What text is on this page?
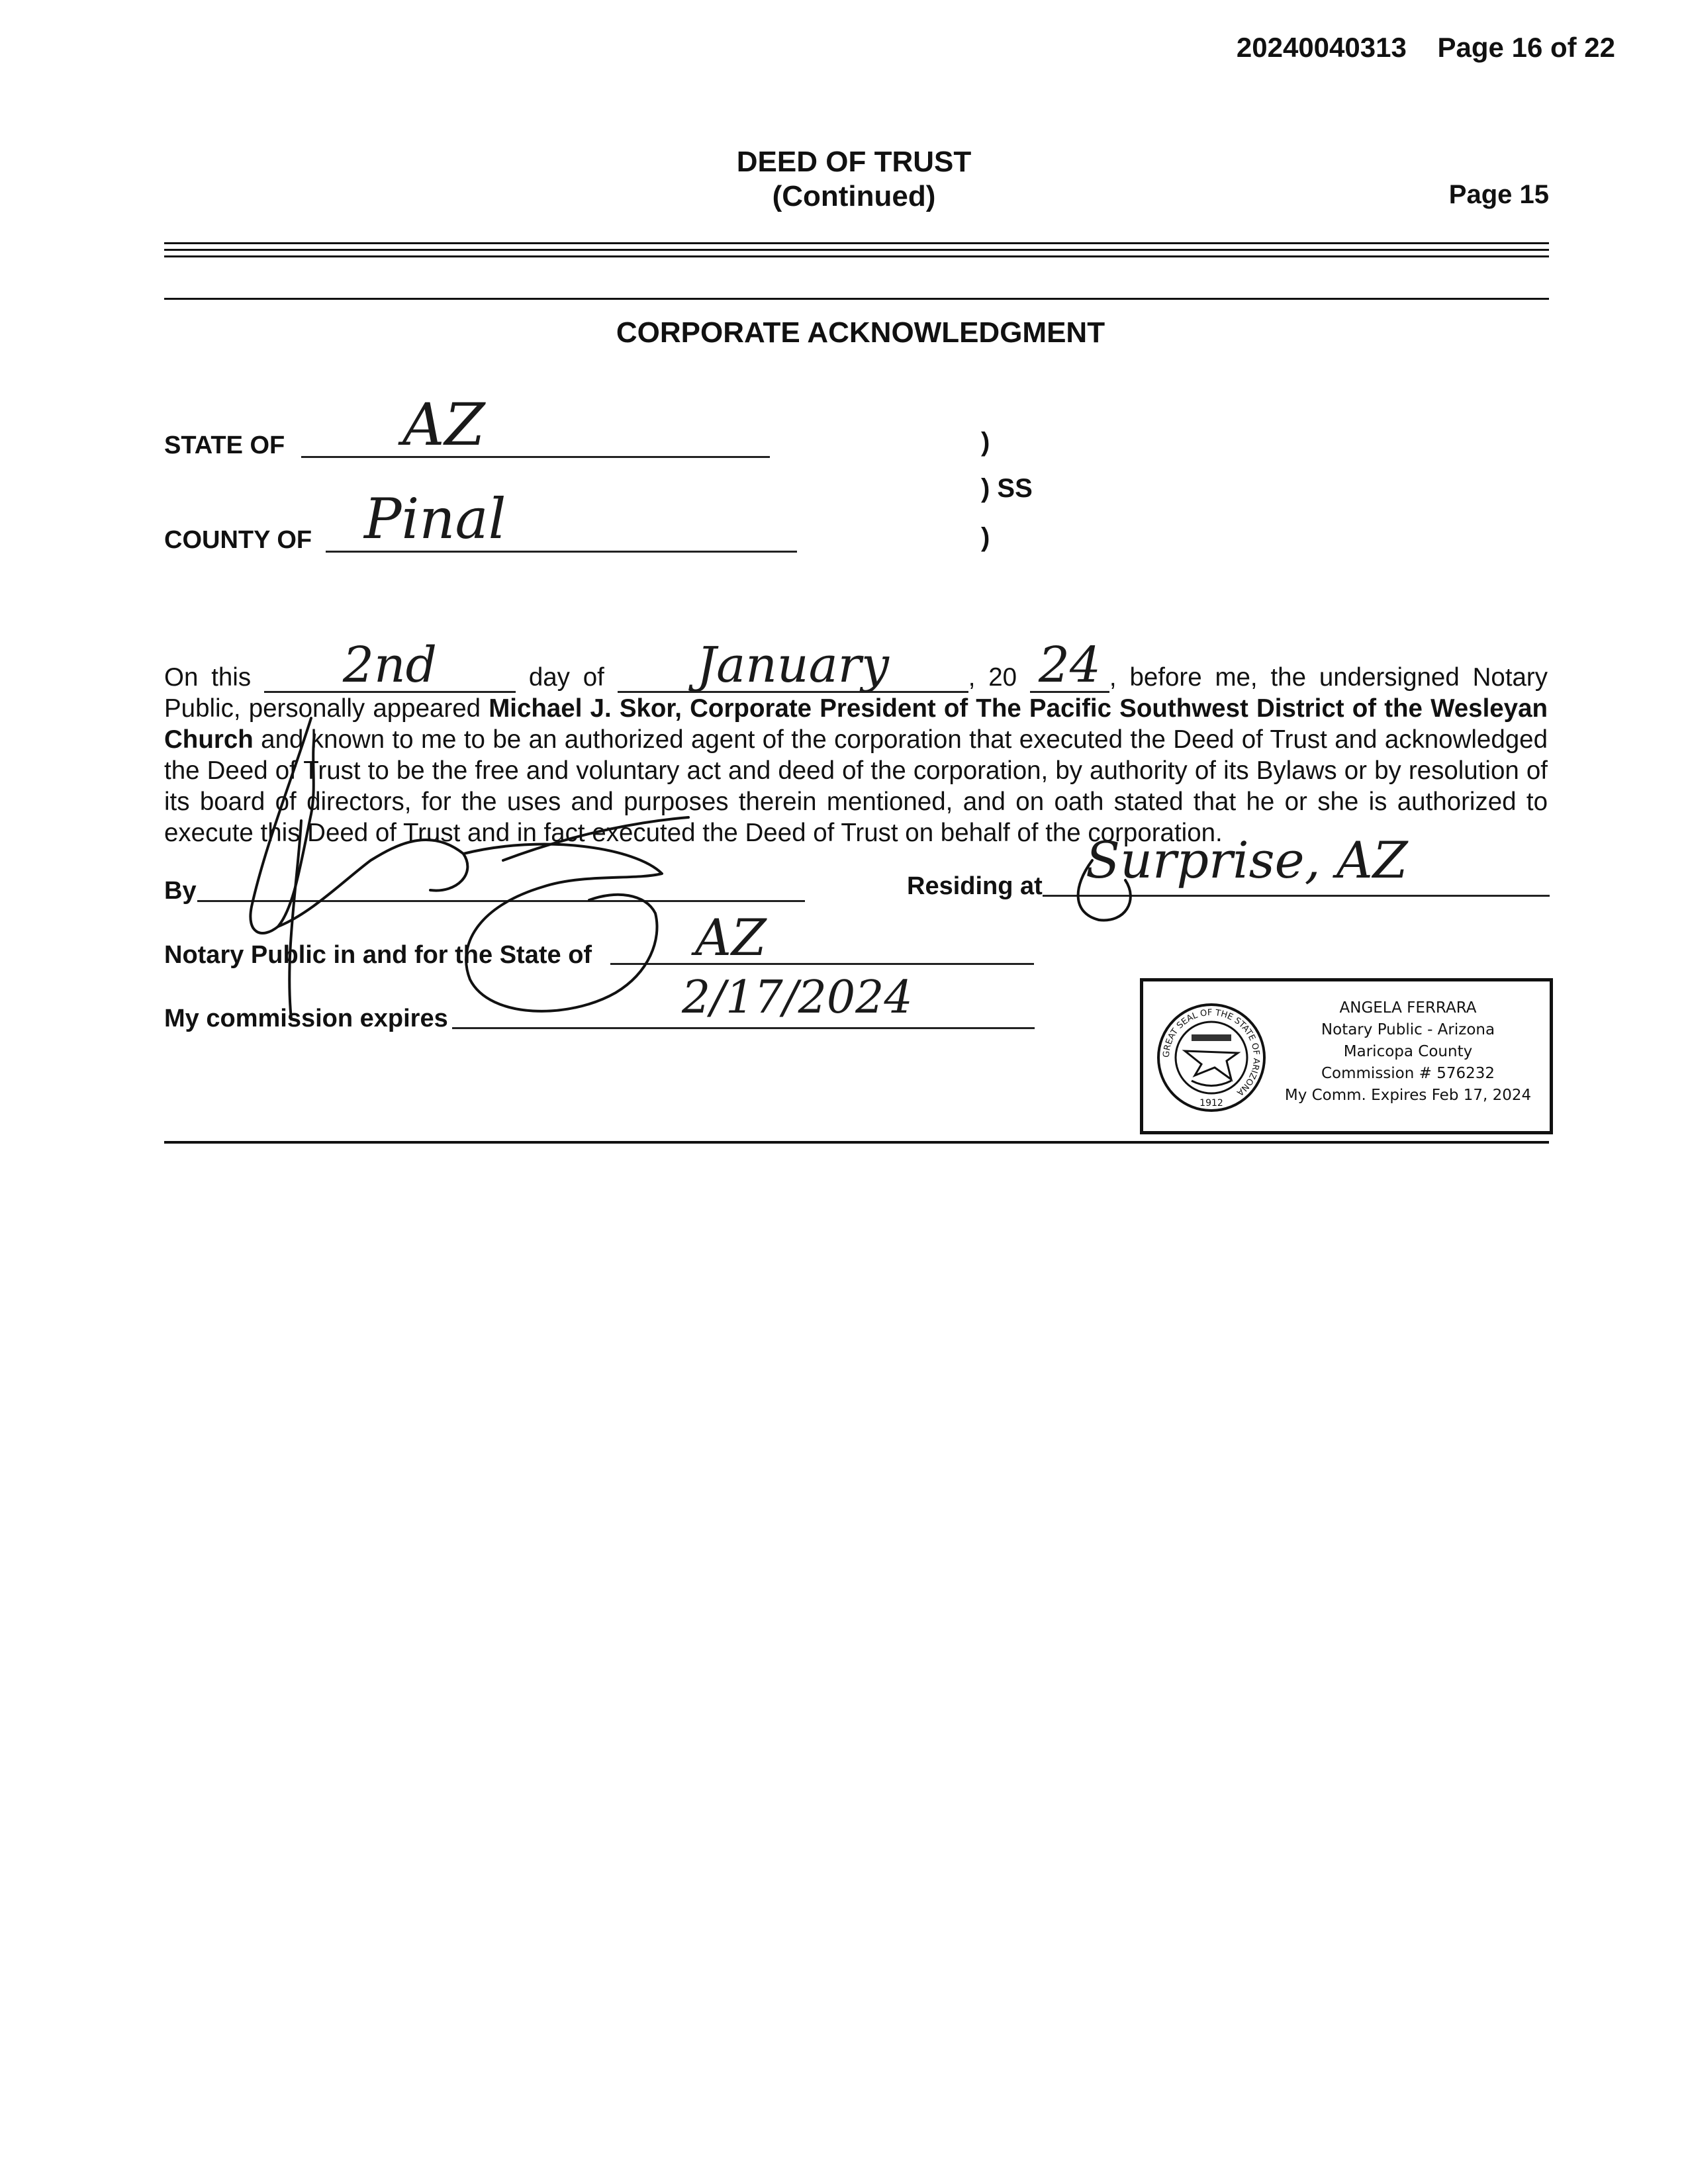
20240040313 Page 16 of 22
DEED OF TRUST
(Continued)	Page 15
CORPORATE ACKNOWLEDGMENT
STATE OF AZ
COUNTY OF Pinal
)
) SS
)

On this	2nd	day of	January	, 20 24 , before me, the undersigned Notary Public, personally appeared Michael J. Skor, Corporate President of The Pacific Southwest District of the Wesleyan Church and known to me to be an authorized agent of the corporation that executed the Deed of Trust and acknowledged the Deed of Trust to be the free and voluntary act and deed of the corporation, by authority of its Bylaws or by resolution of its board of directors, for the uses and purposes therein mentioned, and on oath stated that he or she is authorized to execute this Deed of Trust and in fact executed the Deed of Trust on behalf of the corporation.

By	Residing at Surprise, AZ
Notary Public in and for the State of AZ
My commission expires	2/17/2024
GREAT SEAL OF THE STATE OF ARIZONA
1912
ANGELA FERRARA
Notary Public - Arizona
Maricopa County
Commission # 576232
My Comm. Expires Feb 17, 2024
